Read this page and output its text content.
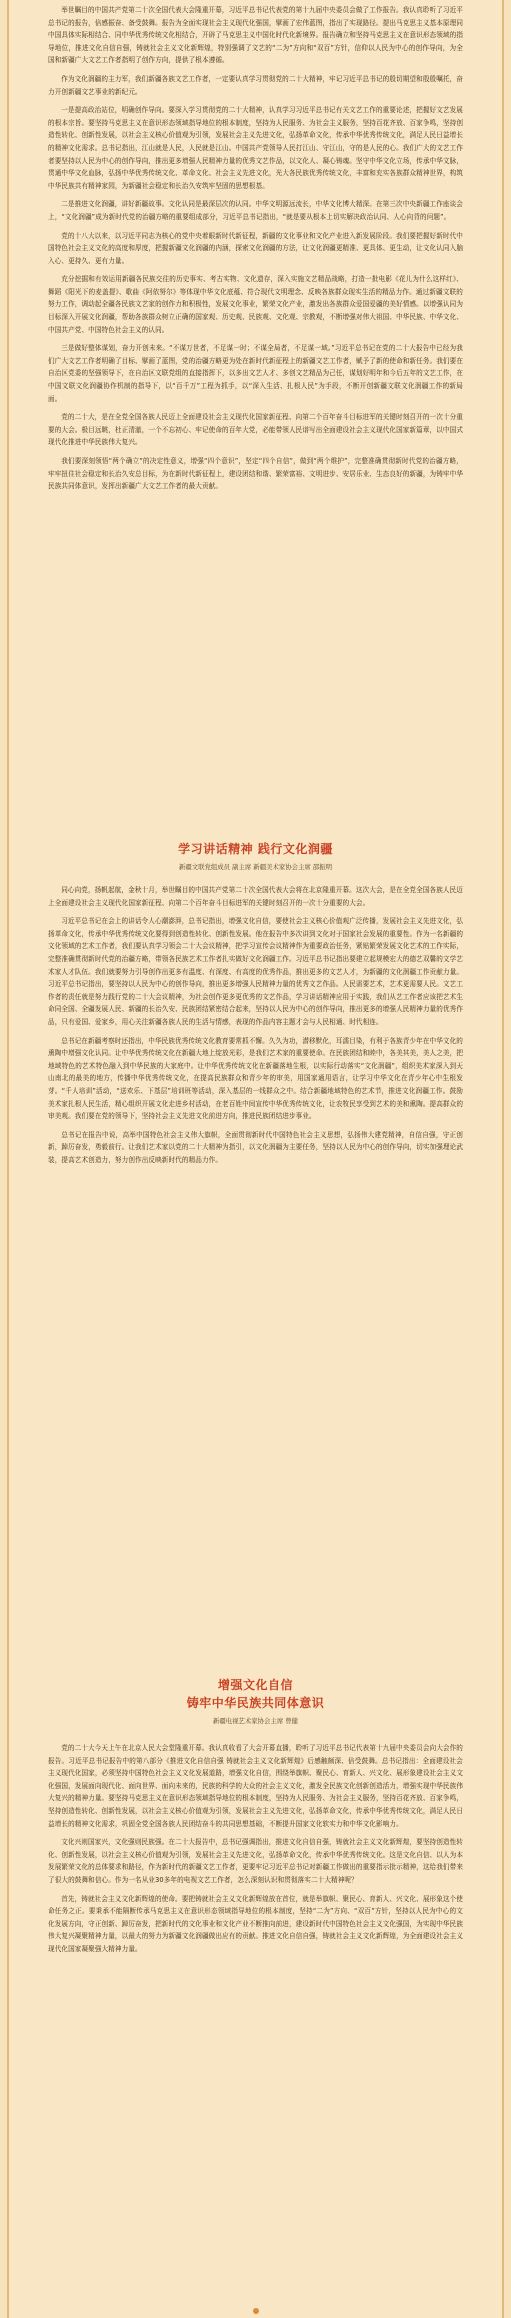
举世瞩目的中国共产党第二十次全国代表大会隆重开幕，习近平总书记代表党的第十九届中央委员会做了工作报告。我认真聆听了习近平总书记的报告，倍感振奋、备受鼓舞。报告为全面实现社会主义现代化强国，擘画了宏伟蓝图，指出了实现路径。提出马克思主义基本原理同中国具体实际相结合、同中华优秀传统文化相结合，开辟了马克思主义中国化时代化新境界。报告确立和坚持马克思主义在意识形态领域的指导地位，推进文化自信自强，铸就社会主义文化新辉煌，特别强调了文艺的“二为”方向和“双百”方针，信仰以人民为中心的创作导向，为全国和新疆广大文艺工作者指明了创作方向，提供了根本遵循。

作为文化润疆的主力军，我们新疆各族文艺工作者，一定要认真学习贯彻党的二十大精神，牢记习近平总书记的殷切期望和殷殷嘱托，奋力开创新疆文艺事业的新纪元。

一是提高政治站位，明确创作导向。要深入学习贯彻党的二十大精神，认真学习习近平总书记有关文艺工作的重要论述，把握好文艺发展的根本宗旨。要坚持马克思主义在意识形态领域指导地位的根本制度，坚持为人民服务、为社会主义服务，坚持百花齐放、百家争鸣，坚持创造性转化、创新性发展，以社会主义核心价值观为引领，发展社会主义先进文化，弘扬革命文化，传承中华优秀传统文化，满足人民日益增长的精神文化需求。总书记指出，江山就是人民，人民就是江山。中国共产党领导人民打江山、守江山，守的是人民的心。我们广大的文艺工作者要坚持以人民为中心的创作导向，推出更多增强人民精神力量的优秀文艺作品，以文化人、凝心铸魂。坚守中华文化立场，传承中华文脉，贯通中华文化血脉，弘扬中华优秀传统文化、革命文化、社会主义先进文化，光大各民族优秀传统文化，丰富和充实各族群众精神世界，构筑中华民族共有精神家园，为新疆社会稳定和长治久安筑牢坚固的思想根基。

二是推进文化润疆，讲好新疆故事。文化认同是最深层次的认同。中华文明源远流长，中华文化博大精深。在第三次中央新疆工作座谈会上，“文化润疆”成为新时代党的治疆方略的重要组成部分，习近平总书记指出，“就是要从根本上切实解决政治认同、人心向背的问题”。

党的十八大以来，以习近平同志为核心的党中央着眼新时代新征程，新疆的文化事业和文化产业进入新发展阶段。我们要把握好新时代中国特色社会主义文化的高度和厚度，把握新疆文化润疆的内涵，探索文化润疆的方法，让文化润疆更精准、更具体、更生动，让文化认同入脑入心、更持久、更有力量。

充分挖掘和有效运用新疆各民族交往的历史事实、考古实物、文化遗存，深入实施文艺精品战略，打造一批电影《花儿为什么这样红》、舞蹈《阳光下的麦盖提》、歌曲《阿依努尔》等体现中华文化底蕴、符合现代文明理念、反映各族群众现实生活的精品力作。通过新疆文联的努力工作，调动起全疆各民族文艺家的创作力和积极性，发展文化事业，繁荣文化产业，激发出各族群众爱国爱疆的美好情感。以增强认同为目标深入开展文化润疆，帮助各族群众树立正确的国家观、历史观、民族观、文化观、宗教观，不断增强对伟大祖国、中华民族、中华文化、中国共产党、中国特色社会主义的认同。

三是做好整体谋划，奋力开创未来。“不谋万世者，不足谋一时；不谋全局者，不足谋一域。”习近平总书记在党的二十大报告中已经为我们广大文艺工作者明确了目标、擘画了蓝图，党的治疆方略更为处在新时代新征程上的新疆文艺工作者，赋予了新的使命和新任务。我们要在自治区党委的坚强领导下，在自治区文联党组的直接指挥下，以多出文艺人才、多创文艺精品为己任，谋划好明年和今后五年的文艺工作，在中国文联文化润疆协作机制的指导下，以“百千万”工程为抓手，以“深入生活、扎根人民”为手段，不断开创新疆文联文化润疆工作的新局面。

党的二十大，是在全党全国各族人民迈上全面建设社会主义现代化国家新征程、向第二个百年奋斗目标进军的关键时刻召开的一次十分重要的大会。极目远眺，杜正清澈，一个不忘初心、牢记使命的百年大党，必能带领人民谱写出全面建设社会主义现代化国家新篇章，以中国式现代化推进中华民族伟大复兴。

我们要深刻领悟“两个确立”的决定性意义，增强“四个意识”，坚定“四个自信”，做到“两个维护”，完整准确贯彻新时代党的治疆方略，牢牢扭住社会稳定和长治久安总目标，为在新时代新征程上，建设团结和谐、繁荣富裕、文明进步、安居乐业、生态良好的新疆，为铸牢中华民族共同体意识，发挥出新疆广大文艺工作者的最大贡献。

学习讲话精神 践行文化润疆

新疆文联党组成员 副主席 新疆美术家协会主席 邵振明

同心向党，扬帆起航，金秋十月，举世瞩目的中国共产党第二十次全国代表大会将在北京隆重开幕。这次大会，是在全党全国各族人民迈上全面建设社会主义现代化国家新征程、向第二个百年奋斗目标进军的关键时刻召开的一次十分重要的大会。

习近平总书记在会上的讲话令人心潮澎湃，总书记指出，增强文化自信，要使社会主义核心价值观广泛传播，发展社会主义先进文化，弘扬革命文化，传承中华优秀传统文化要得到创造性转化、创新性发展。他在报告中多次讲到文化对于国家社会发展的重要性。作为一名新疆的文化领域的艺术工作者，我们要认真学习领会二十大会议精神，把学习宣传会议精神作为重要政治任务，紧贴繁荣发展文化艺术的工作实际，完整准确贯彻新时代党的治疆方略，带领各民族艺术工作者扎实做好文化润疆工作。习近平总书记指出要建立起规模宏大的德艺双馨的文学艺术家人才队伍。我们就要努力引导创作出更多有温度、有深度、有高度的优秀作品，推出更多的文艺人才，为新疆的文化润疆工作贡献力量。习近平总书记指出，要坚持以人民为中心的创作导向，推出更多增强人民精神力量的优秀文艺作品。人民需要艺术，艺术更需要人民。文艺工作者的责任就是努力践行党的二十大会议精神，为社会创作更多更优秀的文艺作品，学习讲话精神应用于实践，我们从艺工作者应该把艺术生命同全国、全疆发展人民、新疆的长治久安、民族团结紧密结合起来，坚持以人民为中心的创作导向，推出更多的增强人民精神力量的优秀作品，只有爱国、爱家乡，用心关注新疆各族人民的生活与情感，表现的作品内容主题才会与人民相通、时代相连。

总书记在新疆考察时还指出，中华民族优秀传统文化教育要常抓不懈。久久为功，潜移默化，耳濡目染，有利于各族青少年在中华文化的熏陶中增强文化认同。让中华优秀传统文化在新疆大地上绽放光彩，是我们艺术家的重要使命。在民族团结和睦中，各美其美，美人之美，把地域特色的艺术特色融入到中华民族的大家庭中。让中华优秀传统文化在新疆落地生根，以实际行动落实“文化润疆”，组织美术家深入到天山南北的最美的地方，传播中华优秀传统文化，在提高民族群众和青少年的审美，用国家通用语言，让学习中华文化在青少年心中生根发芽。“千人培训”活动，“送欢乐、下基层”培训班等活动，深入基层的一线群众之中。结合新疆地域特色的艺术节，推进文化润疆工作。鼓励美术家扎根人民生活，精心组织开展文化走进乡村活动，在老百姓中间宣传中华优秀传统文化，让农牧民享受到艺术的美和熏陶。提高群众的审美观。我们要在党的领导下，坚持社会主义先进文化前进方向，推进民族团结进步事业。

总书记在报告中说，高举中国特色社会主义伟大旗帜，全面贯彻新时代中国特色社会主义思想，弘扬伟大建党精神，自信自强，守正创新，踔厉奋发，勇毅前行。让我们艺术家以党的二十大精神为指引，以文化润疆为主要任务，坚持以人民为中心的创作导向，切实加强理论武装，提高艺术创造力，努力创作出反映新时代的精品力作。

增强文化自信
铸牢中华民族共同体意识

新疆电视艺术家协会主席 曾健

党的二十大今天上午在北京人民大会堂隆重开幕。我认真收看了大会开幕直播，聆听了习近平总书记代表第十九届中央委员会向大会作的报告。习近平总书记报告中的第八部分《推进文化自信自强 铸就社会主义文化新辉煌》后感触颇深、倍受鼓舞。总书记指出：全面建设社会主义现代化国家，必须坚持中国特色社会主义文化发展道路，增强文化自信，围绕举旗帜、聚民心、育新人、兴文化、展形象建设社会主义文化强国，发展面向现代化、面向世界、面向未来的，民族的科学的大众的社会主义文化，激发全民族文化创新创造活力，增强实现中华民族伟大复兴的精神力量。要坚持马克思主义在意识形态领域指导地位的根本制度，坚持为人民服务、为社会主义服务，坚持百花齐放、百家争鸣，坚持创造性转化、创新性发展，以社会主义核心价值观为引领，发展社会主义先进文化，弘扬革命文化，传承中华优秀传统文化，满足人民日益增长的精神文化需求，巩固全党全国各族人民团结奋斗的共同思想基础，不断提升国家文化软实力和中华文化影响力。

文化兴则国家兴，文化强则民族强。在二十大报告中，总书记强调指出，推进文化自信自强，铸就社会主义文化新辉煌，要坚持创造性转化、创新性发展，以社会主义核心价值观为引领，发展社会主义先进文化，弘扬革命文化，传承中华优秀传统文化。这是文化自信、以人为本发展繁荣文化的总体要求和路径，作为新时代的新疆文艺工作者，更要牢记习近平总书记对新疆工作做出的重要指示批示精神，这给我们带来了很大的鼓舞和信心。作为一名从业30多年的电视文艺工作者，怎么深刻认识和贯彻落实二十大精神呢？

首先，铸就社会主义文化新辉煌的使命。要把铸就社会主义文化新辉煌放在首位，就是举旗帜、聚民心、育新人、兴文化、展形象这个使命任务之正。要秉承不能隔断传承马克思主义在意识形态领域指导地位的根本制度，坚持“二为”方向、“双百”方针，坚持以人民为中心的文化发展方向，守正创新、踔厉奋发，把新时代的文化事业和文化产业不断推向前进，建设新时代中国特色社会主义文化强国，为实现中华民族伟大复兴凝聚精神力量，以最大的努力为新疆文化润疆做出应有的贡献。推进文化自信自强，铸就社会主义文化新辉煌，为全面建设社会主义现代化国家凝聚强大精神力量。
